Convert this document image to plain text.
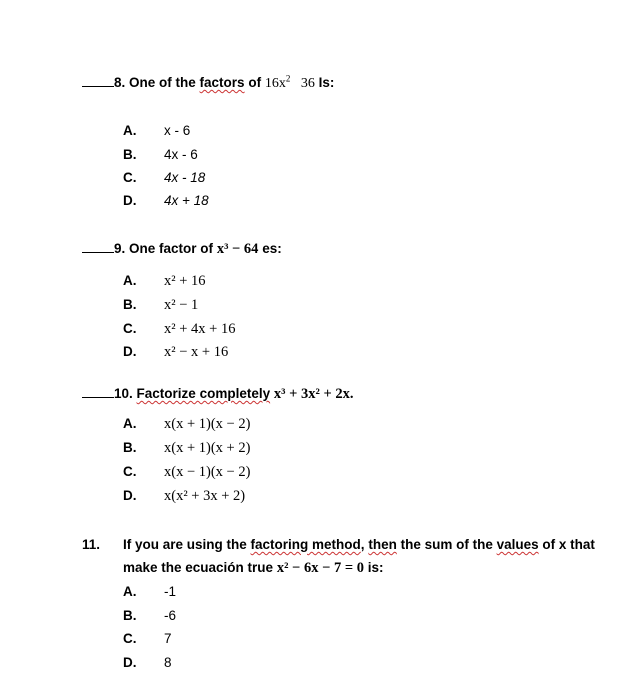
8. One of the factors of $16x^2$ 36 Is:
A. x - 6
B. 4x - 6
C. 4x - 18
D. 4x + 18
9. One factor of x³ − 64 es:
A. x² + 16
B. x² − 1
C. x² + 4x + 16
D. x² − x + 16
10. Factorize completely x³ + 3x² + 2x.
A. x(x + 1)(x − 2)
B. x(x + 1)(x + 2)
C. x(x − 1)(x − 2)
D. x(x² + 3x + 2)
11. If you are using the factoring method, then the sum of the values of x that
make the ecuación true x² − 6x − 7 = 0 is:
A. -1
B. -6
C. 7
D. 8
